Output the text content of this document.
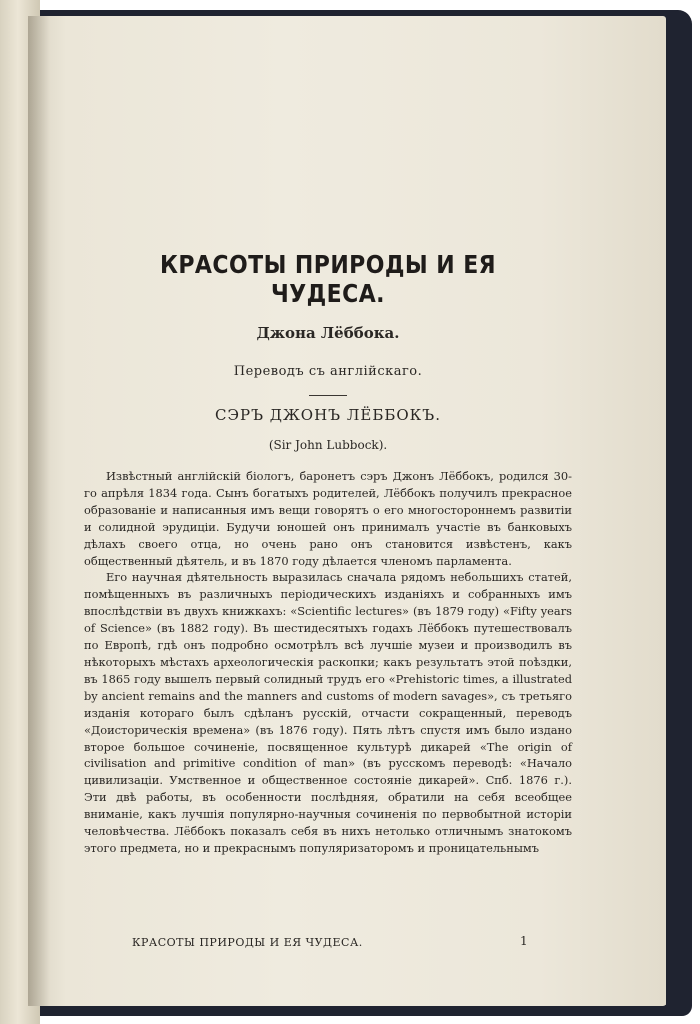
КРАСОТЫ ПРИРОДЫ И ЕЯ ЧУДЕСА.
Джона Лёббока.
Переводъ съ англійскаго.
СЭРЪ ДЖОНЪ ЛЁББОКЪ.
(Sir John Lubbock).

Извѣстный англійскій біологъ, баронетъ сэръ Джонъ Лёббокъ, родился 30-го апрѣля 1834 года. Сынъ богатыхъ родителей, Лёббокъ получилъ прекрасное образованіе и написанныя имъ вещи говорятъ о его многостороннемъ развитіи и солидной эрудиціи. Будучи юношей онъ принималъ участіе въ банковыхъ дѣлахъ своего отца, но очень рано онъ становится извѣстенъ, какъ общественный дѣятель, и въ 1870 году дѣлается членомъ парламента.

Его научная дѣятельность выразилась сначала рядомъ небольшихъ статей, помѣщенныхъ въ различныхъ періодическихъ изданіяхъ и собранныхъ имъ впослѣдствіи въ двухъ книжкахъ: «Scientific lectures» (въ 1879 году) «Fifty years of Science» (въ 1882 году). Въ шестидесятыхъ годахъ Лёббокъ путешествовалъ по Европѣ, гдѣ онъ подробно осмотрѣлъ всѣ лучшіе музеи и производилъ въ нѣкоторыхъ мѣстахъ археологическія раскопки; какъ результатъ этой поѣздки, въ 1865 году вышелъ первый солидный трудъ его «Prehistoric times, a illustrated by ancient remains and the manners and customs of modern savages», съ третьяго изданія котораго былъ сдѣланъ русскій, отчасти сокращенный, переводъ «Доисторическія времена» (въ 1876 году). Пять лѣтъ спустя имъ было издано второе большое сочиненіе, посвященное культурѣ дикарей «The origin of civilisation and primitive condition of man» (въ русскомъ переводѣ: «Начало цивилизаціи. Умственное и общественное состояніе дикарей». Спб. 1876 г.). Эти двѣ работы, въ особенности послѣдняя, обратили на себя всеобщее вниманіе, какъ лучшія популярно-научныя сочиненія по первобытной исторіи человѣчества. Лёббокъ показалъ себя въ нихъ нетолько отличнымъ знатокомъ этого предмета, но и прекраснымъ популяризаторомъ и проницательнымъ

КРАСОТЫ ПРИРОДЫ И ЕЯ ЧУДЕСА.	1
